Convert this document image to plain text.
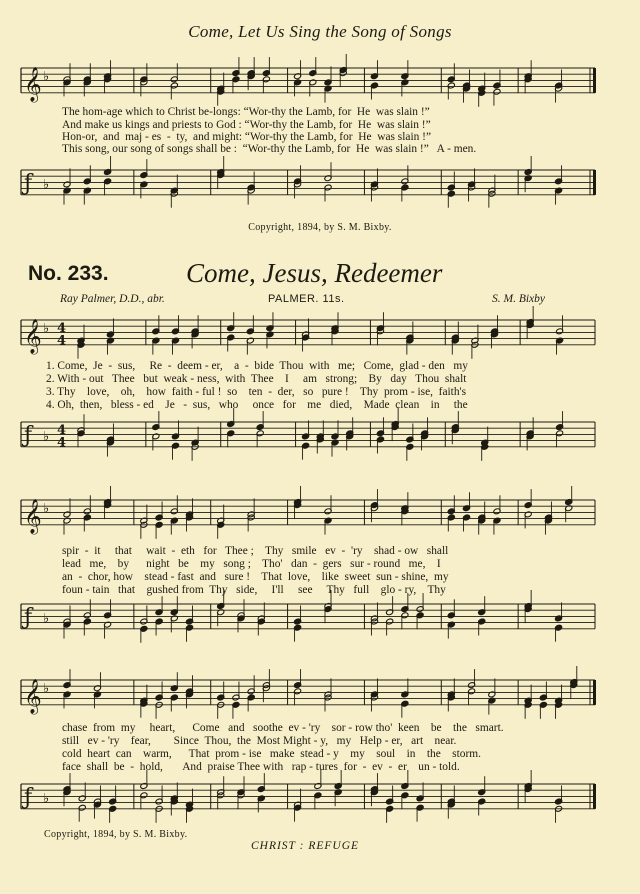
Come, Let Us Sing the Song of Songs
𝄞 ♭
The hom-age which to Christ be-longs: “Wor-thy the Lamb, for  He  was slain !”
And make us kings and priests to God : “Wor-thy the Lamb, for  He  was slain !”
Hon-or,  and  maj - es  -  ty,  and might: “Wor-thy the Lamb, for  He  was slain !”
This song, our song of songs shall be :  “Wor-thy the Lamb, for  He  was slain !”   A - men.
ƒ ♭
Copyright, 1894, by S. M. Bixby.
No. 233.	Come, Jesus, Redeemer
Ray Palmer, D.D., abr.	PALMER. 11s.	S. M. Bixby
𝄞 ♭ 4
4
1. Come,  Je  -  sus,     Re  -  deem - er,    a  -  bide  Thou  with   me;   Come,  glad - den   my
2. With - out   Thee   but  weak - ness,  with  Thee    I     am   strong;    By   day   Thou  shalt
3. Thy    love,    oh,    how  faith - ful !  so    ten  -  der,   so   pure !    Thy  prom - ise,  faith's
4. Oh,  then,   bless - ed    Je   -  sus,   who     once   for    me   died,    Made  clean    in     the
ƒ ♭ 4
4
𝄞 ♭
spir  -  it     that     wait  -  eth   for   Thee ;    Thy   smile   ev  -  'ry    shad - ow   shall
lead   me,    by      night   be    my   song ;    Tho'   dan  -  gers   sur - round   me,    I
an  -  chor, how    stead - fast  and   sure !    That  love,    like  sweet  sun - shine,  my
foun - tain   that    gushed from  Thy   side,     I'll     see     Thy   full    glo - ry,    Thy
ƒ ♭
𝄞 ♭
chase  from  my     heart,      Come   and   soothe  ev - 'ry    sor - row tho'  keen    be    the   smart.
still   ev - 'ry    fear,        Since  Thou,  the  Most Might - y,   my   Help - er,   art    near.
cold  heart  can    warm,      That  prom - ise   make  stead - y    my    soul    in    the    storm.
face  shall  be  -  hold,       And  praise Thee with   rap - tures  for  -  ev  -  er    un - told.
ƒ ♭
Copyright, 1894, by S. M. Bixby.
CHRIST : REFUGE
